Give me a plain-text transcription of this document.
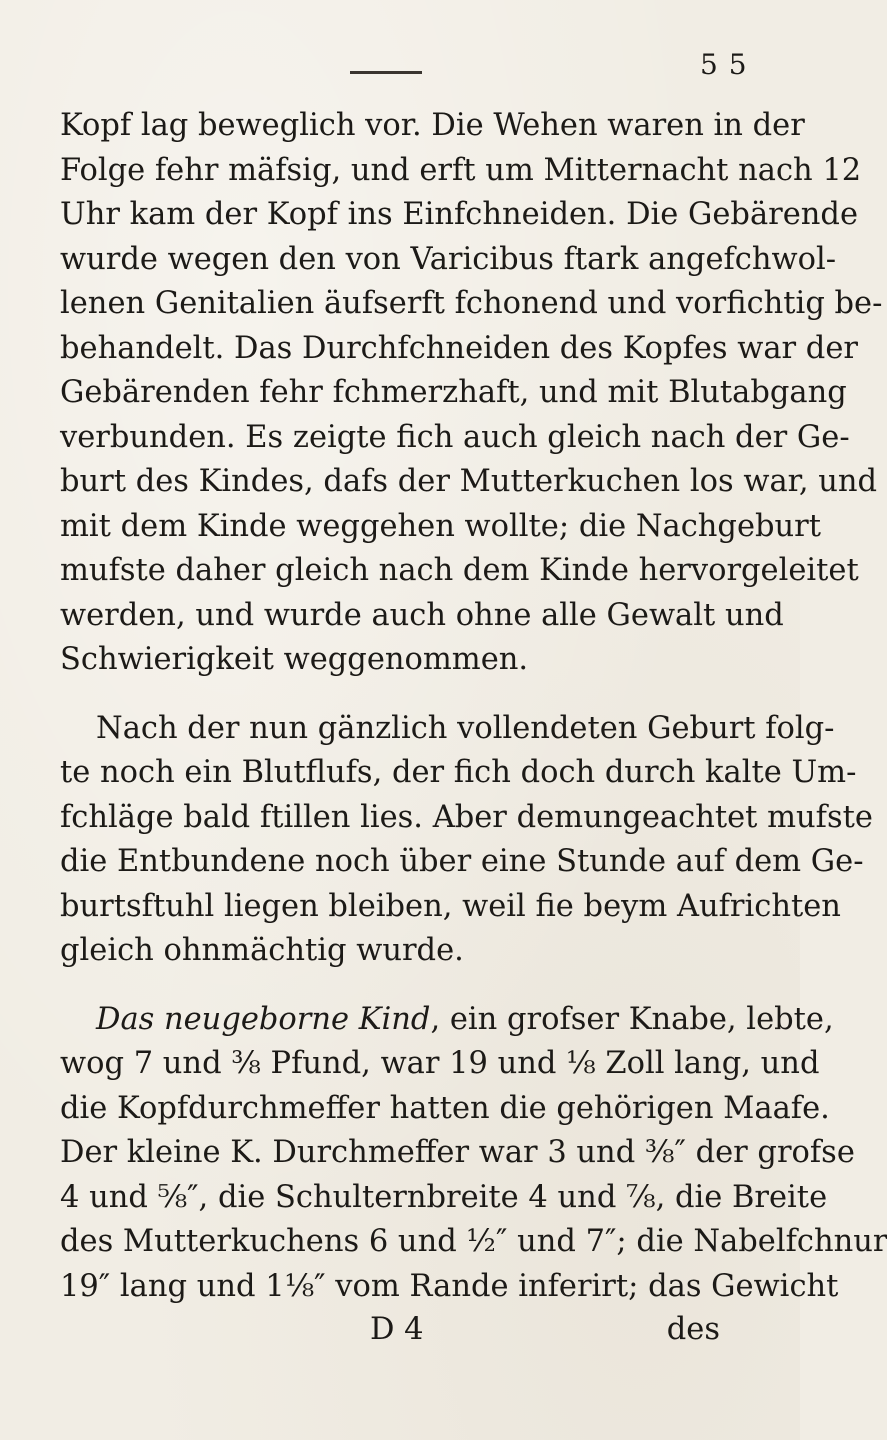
5 5
Kopf lag beweglich vor. Die Wehen waren in der
Folge fehr mäfsig, und erft um Mitternacht nach 12
Uhr kam der Kopf ins Einfchneiden. Die Gebärende
wurde wegen den von Varicibus ftark angefchwol-
lenen Genitalien äufserft fchonend und vorfichtig be-
behandelt. Das Durchfchneiden des Kopfes war der
Gebärenden fehr fchmerzhaft, und mit Blutabgang
verbunden. Es zeigte fich auch gleich nach der Ge-
burt des Kindes, dafs der Mutterkuchen los war, und
mit dem Kinde weggehen wollte; die Nachgeburt
mufste daher gleich nach dem Kinde hervorgeleitet
werden, und wurde auch ohne alle Gewalt und
Schwierigkeit weggenommen.
Nach der nun gänzlich vollendeten Geburt folg-
te noch ein Blutflufs, der fich doch durch kalte Um-
fchläge bald ftillen lies. Aber demungeachtet mufste
die Entbundene noch über eine Stunde auf dem Ge-
burtsftuhl liegen bleiben, weil fie beym Aufrichten
gleich ohnmächtig wurde.
Das neugeborne Kind, ein grofser Knabe, lebte,
wog 7 und ⅜ Pfund, war 19 und ⅛ Zoll lang, und
die Kopfdurchmeffer hatten die gehörigen Maafe.
Der kleine K. Durchmeffer war 3 und ⅜″ der grofse
4 und ⅝″, die Schulternbreite 4 und ⅞, die Breite
des Mutterkuchens 6 und ½″ und 7″; die Nabelfchnur
19″ lang und 1⅛″ vom Rande inferirt; das Gewicht
D 4	des
